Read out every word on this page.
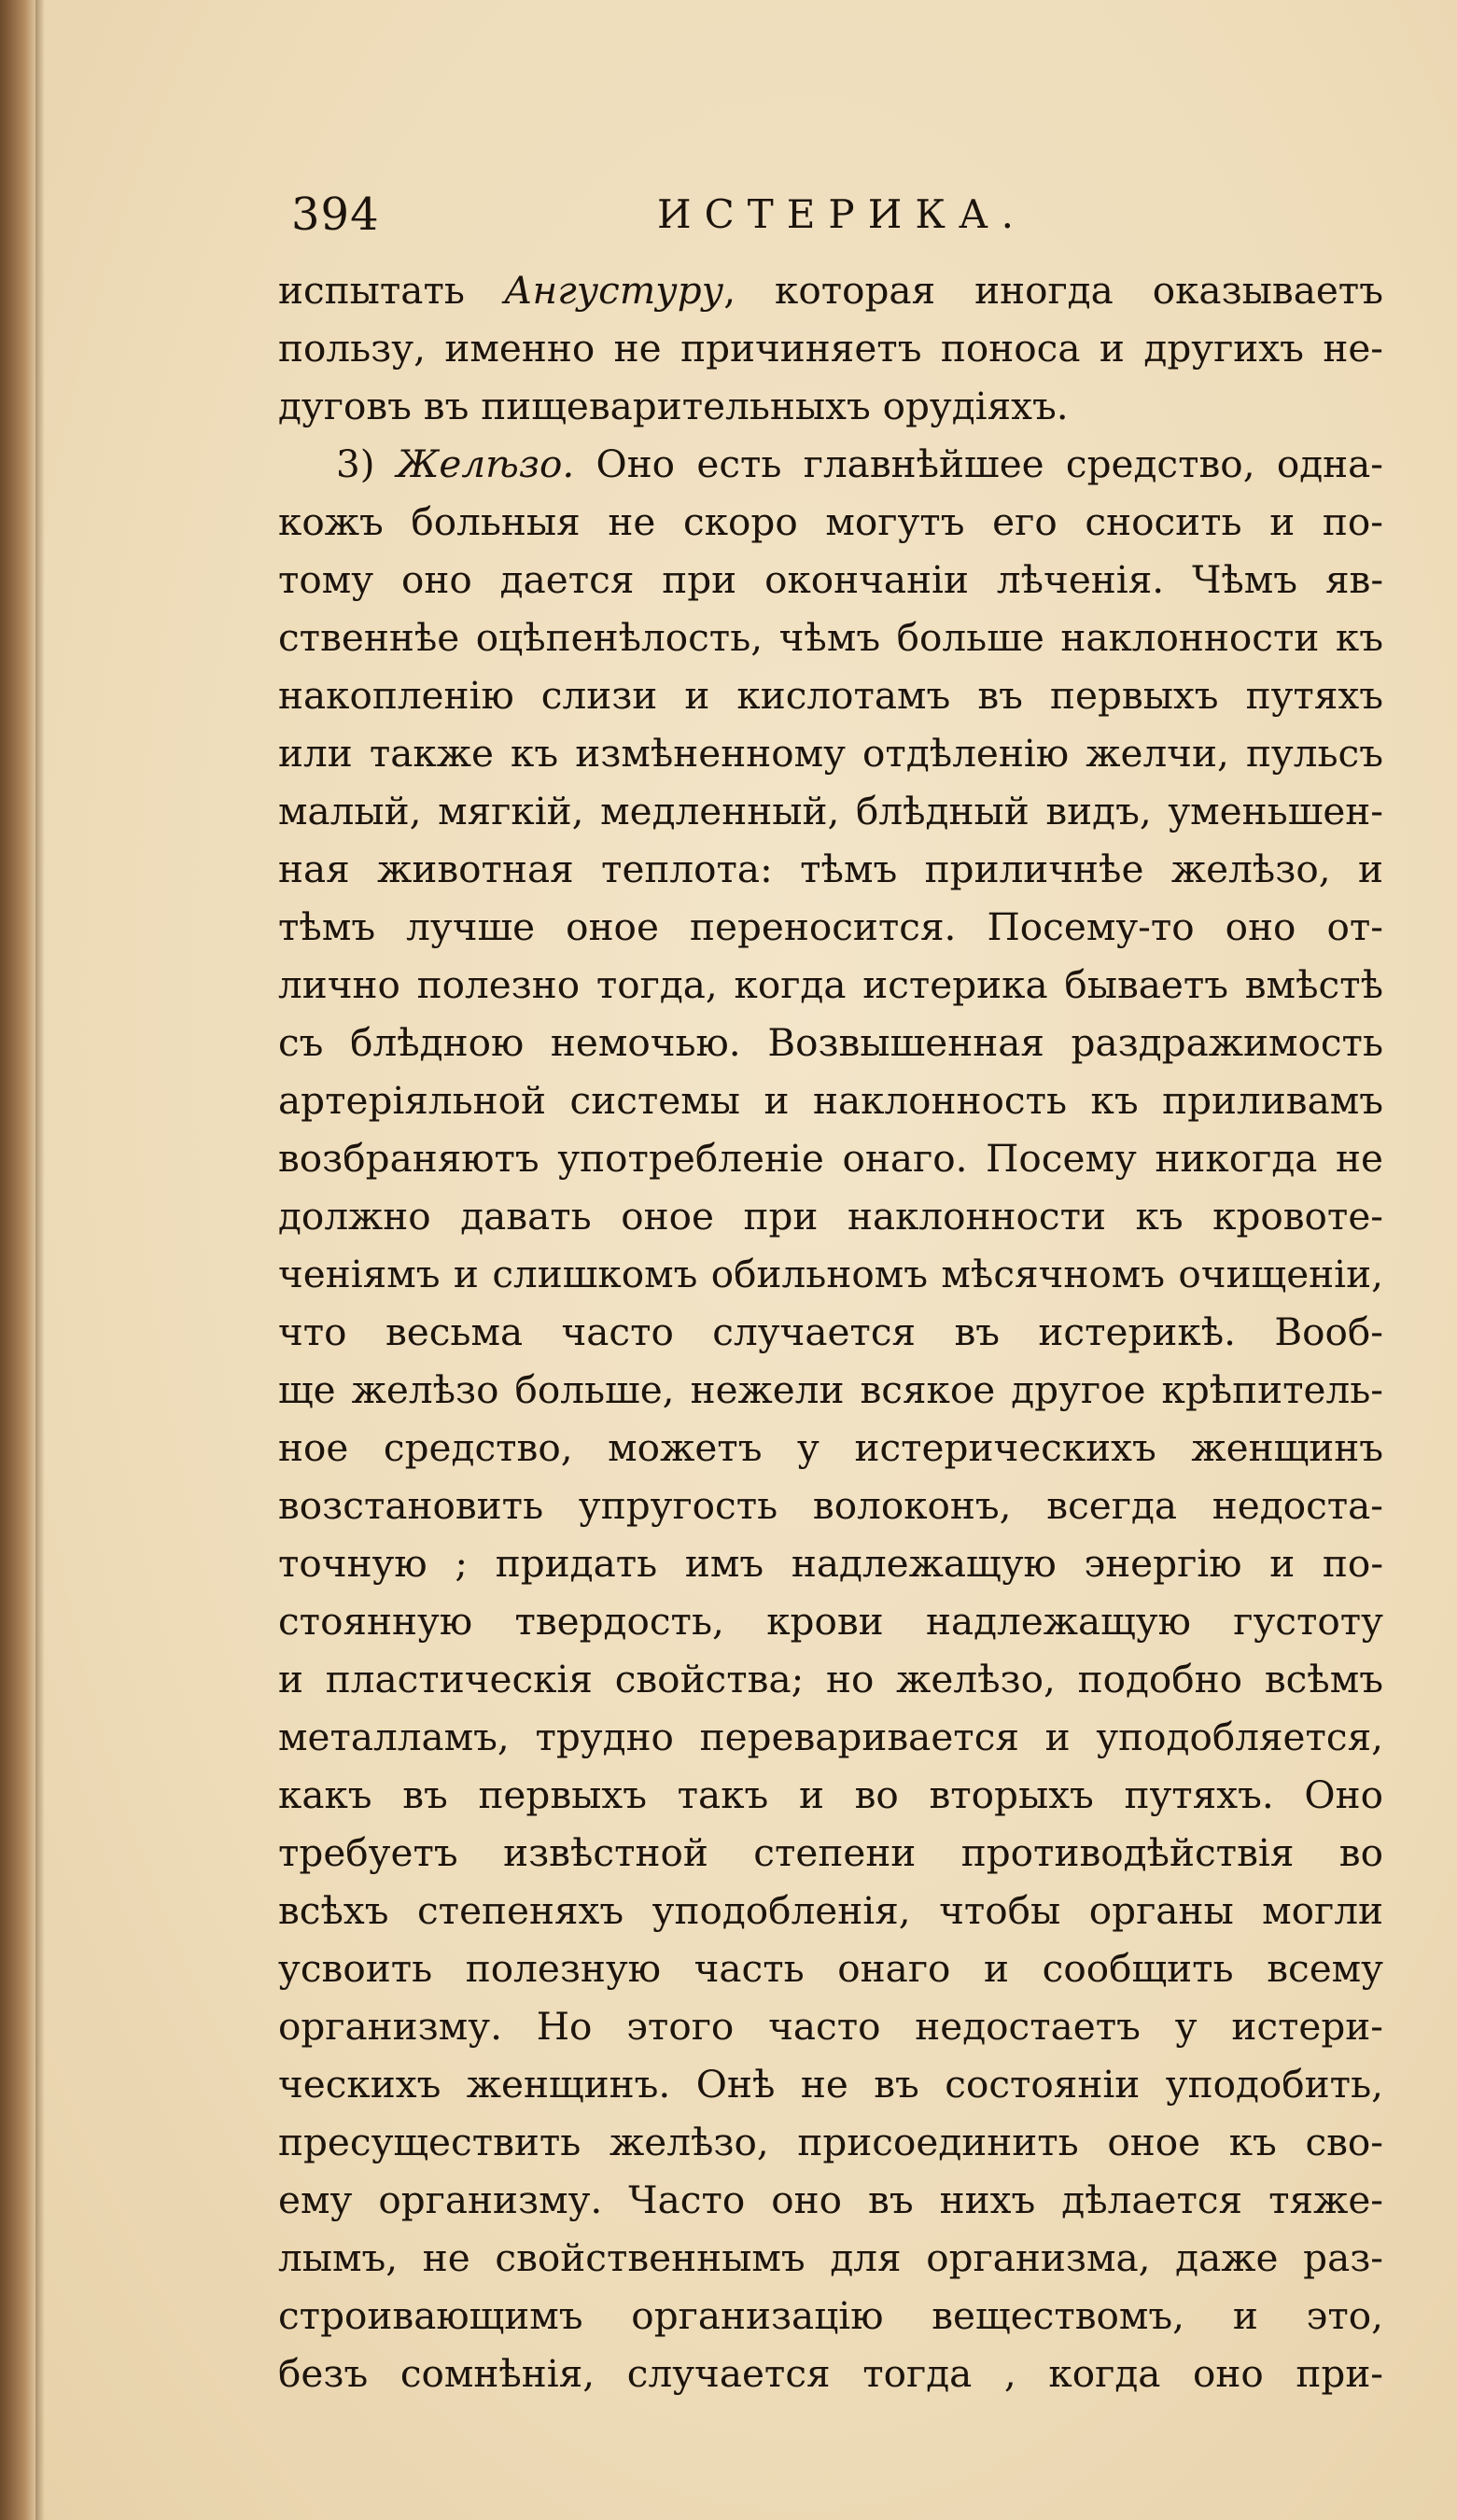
394	ИСТЕРИКА.
испытать Ангустуру, которая иногда оказываетъ
пользу, именно не причиняетъ поноса и другихъ не-
дуговъ въ пищеварительныхъ орудіяхъ.
3) Желѣзо. Оно есть главнѣйшее средство, одна-
кожъ больныя не скоро могутъ его сносить и по-
тому оно дается при окончаніи лѣченія. Чѣмъ яв-
ственнѣе оцѣпенѣлость, чѣмъ больше наклонности къ
накопленію слизи и кислотамъ въ первыхъ путяхъ
или также къ измѣненному отдѣленію желчи, пульсъ
малый, мягкій, медленный, блѣдный видъ, уменьшен-
ная животная теплота: тѣмъ приличнѣе желѣзо, и
тѣмъ лучше оное переносится. Посему-то оно от-
лично полезно тогда, когда истерика бываетъ вмѣстѣ
съ блѣдною немочью. Возвышенная раздражимость
артеріяльной системы и наклонность къ приливамъ
возбраняютъ употребленіе онаго. Посему никогда не
должно давать оное при наклонности къ кровоте-
ченіямъ и слишкомъ обильномъ мѣсячномъ очищеніи,
что весьма часто случается въ истерикѣ. Вооб-
ще желѣзо больше, нежели всякое другое крѣпитель-
ное средство, можетъ у истерическихъ женщинъ
возстановить упругость волоконъ, всегда недоста-
точную ; придать имъ надлежащую энергію и по-
стоянную твердость, крови надлежащую густоту
и пластическія свойства; но желѣзо, подобно всѣмъ
металламъ, трудно переваривается и уподобляется,
какъ въ первыхъ такъ и во вторыхъ путяхъ. Оно
требуетъ извѣстной степени противодѣйствія во
всѣхъ степеняхъ уподобленія, чтобы органы могли
усвоить полезную часть онаго и сообщить всему
организму. Но этого часто недостаетъ у истери-
ческихъ женщинъ. Онѣ не въ состояніи уподобить,
пресуществить желѣзо, присоединить оное къ сво-
ему организму. Часто оно въ нихъ дѣлается тяже-
лымъ, не свойственнымъ для организма, даже раз-
строивающимъ организацію веществомъ, и это,
безъ сомнѣнія, случается тогда , когда оно при-
